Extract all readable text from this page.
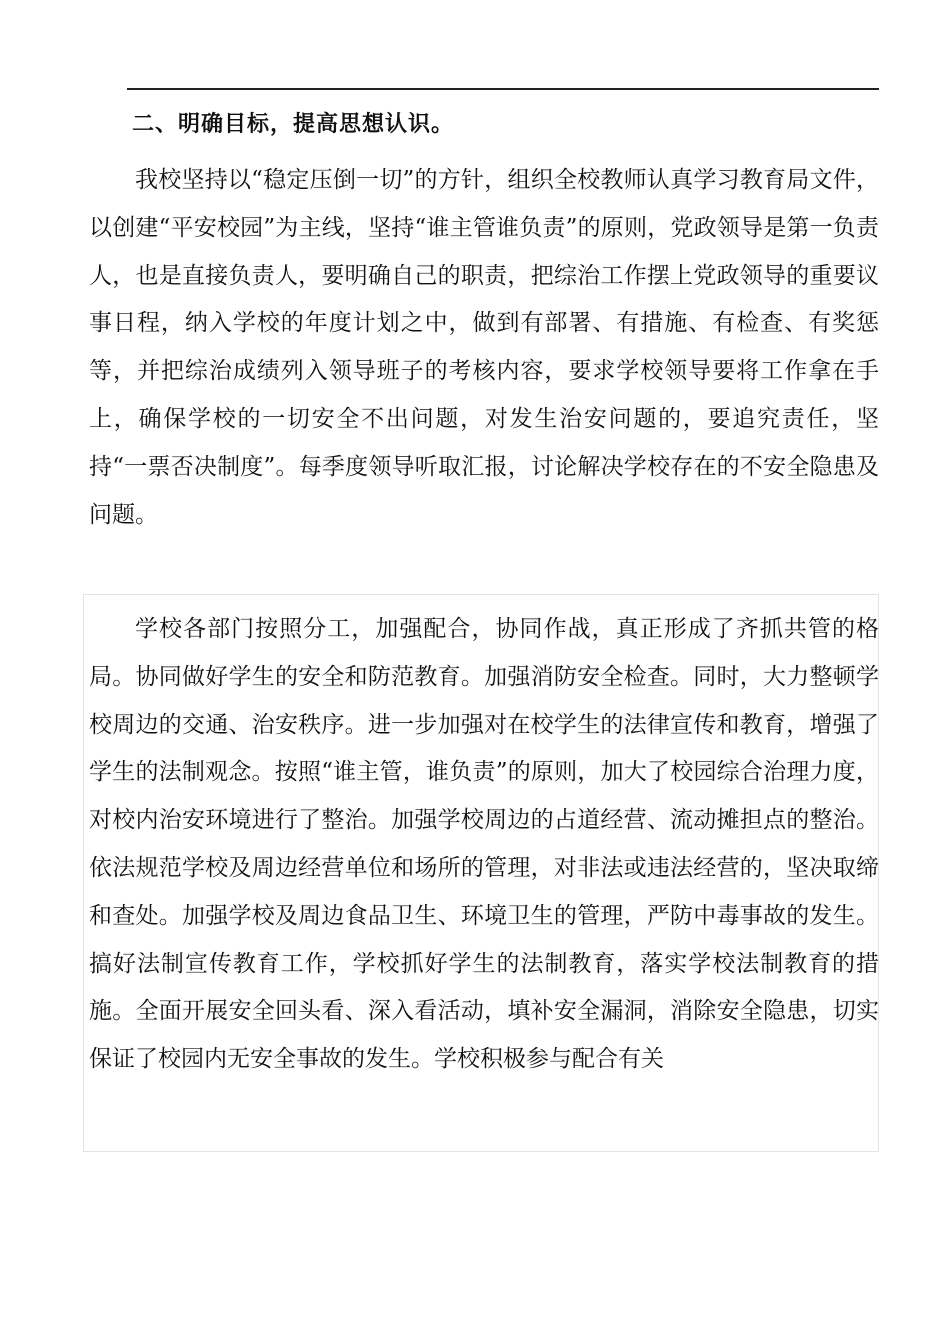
二、明确目标，提高思想认识。

我校坚持以“稳定压倒一切”的方针，组织全校教师认真学习教育局文件，以创建“平安校园”为主线，坚持“谁主管谁负责”的原则，党政领导是第一负责人，也是直接负责人，要明确自己的职责，把综治工作摆上党政领导的重要议事日程，纳入学校的年度计划之中，做到有部署、有措施、有检查、有奖惩等，并把综治成绩列入领导班子的考核内容，要求学校领导要将工作拿在手上，确保学校的一切安全不出问题，对发生治安问题的，要追究责任，坚持“一票否决制度”。每季度领导听取汇报，讨论解决学校存在的不安全隐患及问题。

学校各部门按照分工，加强配合，协同作战，真正形成了齐抓共管的格局。协同做好学生的安全和防范教育。加强消防安全检查。同时，大力整顿学校周边的交通、治安秩序。进一步加强对在校学生的法律宣传和教育，增强了学生的法制观念。按照“谁主管，谁负责”的原则，加大了校园综合治理力度，对校内治安环境进行了整治。加强学校周边的占道经营、流动摊担点的整治。依法规范学校及周边经营单位和场所的管理，对非法或违法经营的，坚决取缔和查处。加强学校及周边食品卫生、环境卫生的管理，严防中毒事故的发生。搞好法制宣传教育工作，学校抓好学生的法制教育，落实学校法制教育的措施。全面开展安全回头看、深入看活动，填补安全漏洞，消除安全隐患，切实保证了校园内无安全事故的发生。学校积极参与配合有关
